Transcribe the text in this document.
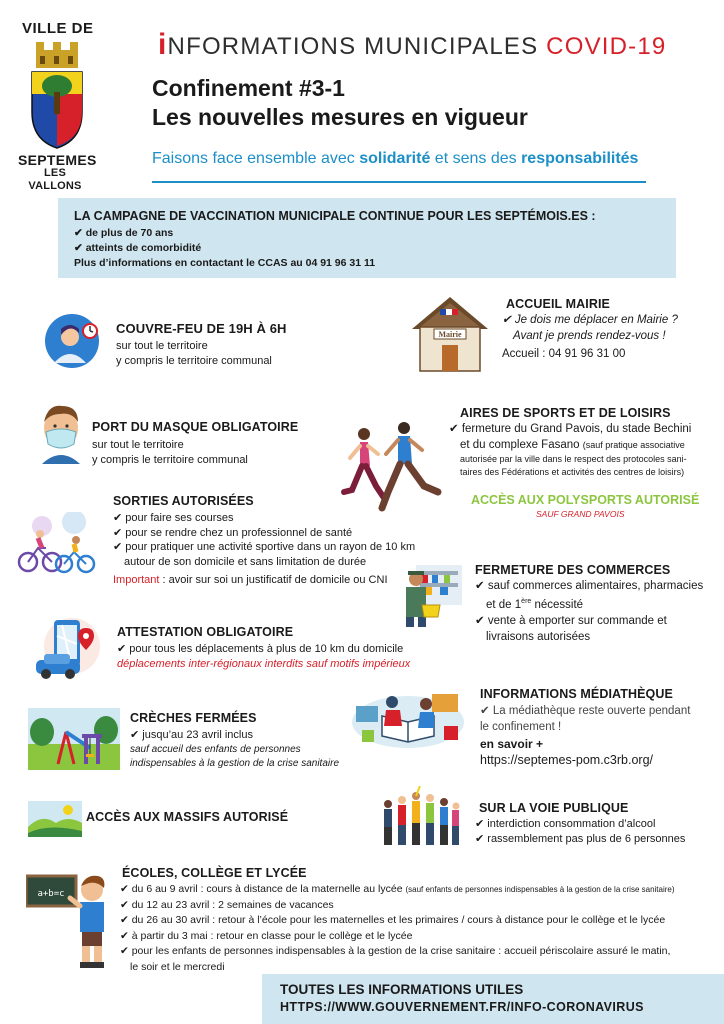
VILLE DE
SEPTEMES
LES VALLONS
iNFORMATIONS MUNICIPALES COVID-19
Confinement #3-1
Les nouvelles mesures en vigueur
Faisons face ensemble avec solidarité et sens des responsabilités
LA CAMPAGNE DE VACCINATION MUNICIPALE CONTINUE POUR LES SEPTÉMOIS.ES :
✔ de plus de 70 ans
✔ atteints de comorbidité
Plus d’informations en contactant le CCAS au 04 91 96 31 11
COUVRE-FEU DE 19H À 6H
sur tout le territoire
y compris le territoire communal
Mairie
ACCUEIL MAIRIE
✔ Je dois me déplacer en Mairie ?
Avant je prends rendez-vous !
Accueil : 04 91 96 31 00
PORT DU MASQUE OBLIGATOIRE
sur tout le territoire
y compris le territoire communal
AIRES DE SPORTS ET DE LOISIRS
✔ fermeture du Grand Pavois, du stade Bechini
et du complexe Fasano (sauf pratique associative
autorisée par la ville dans le respect des protocoles sani-
taires des Fédérations et activités des centres de loisirs)
ACCÈS AUX POLYSPORTS AUTORISÉ
SAUF GRAND PAVOIS
SORTIES AUTORISÉES
✔ pour faire ses courses
✔ pour se rendre chez un professionnel de santé
✔ pour pratiquer une activité sportive dans un rayon de 10 km
autour de son domicile et sans limitation de durée
Important : avoir sur soi un justificatif de domicile ou CNI
FERMETURE DES COMMERCES
✔ sauf commerces alimentaires, pharmacies
et de 1ère nécessité
✔ vente à emporter sur commande et
livraisons autorisées
ATTESTATION OBLIGATOIRE
✔ pour tous les déplacements à plus de 10 km du domicile
déplacements inter-régionaux interdits sauf motifs impérieux
INFORMATIONS MÉDIATHÈQUE
✔ La médiathèque reste ouverte pendant
le confinement !
en savoir +
https://septemes-pom.c3rb.org/
CRÈCHES FERMÉES
✔ jusqu’au 23 avril inclus
sauf accueil des enfants de personnes
indispensables à la gestion de la crise sanitaire
ACCÈS AUX MASSIFS AUTORISÉ
SUR LA VOIE PUBLIQUE
✔ interdiction consommation d’alcool
✔ rassemblement pas plus de 6 personnes
a+b=c
ÉCOLES, COLLÈGE ET LYCÉE
✔ du 6 au 9 avril : cours à distance de la maternelle au lycée (sauf enfants de personnes indispensables à la gestion de la crise sanitaire)
✔ du 12 au 23 avril : 2 semaines de vacances
✔ du 26 au 30 avril : retour à l’école pour les maternelles et les primaires / cours à distance pour le collège et le lycée
✔ à partir du 3 mai : retour en classe pour le collège et le lycée
✔ pour les enfants de personnes indispensables à la gestion de la crise sanitaire : accueil périscolaire assuré le matin,
le soir et le mercredi
TOUTES LES INFORMATIONS UTILES
HTTPS://WWW.GOUVERNEMENT.FR/INFO-CORONAVIRUS
